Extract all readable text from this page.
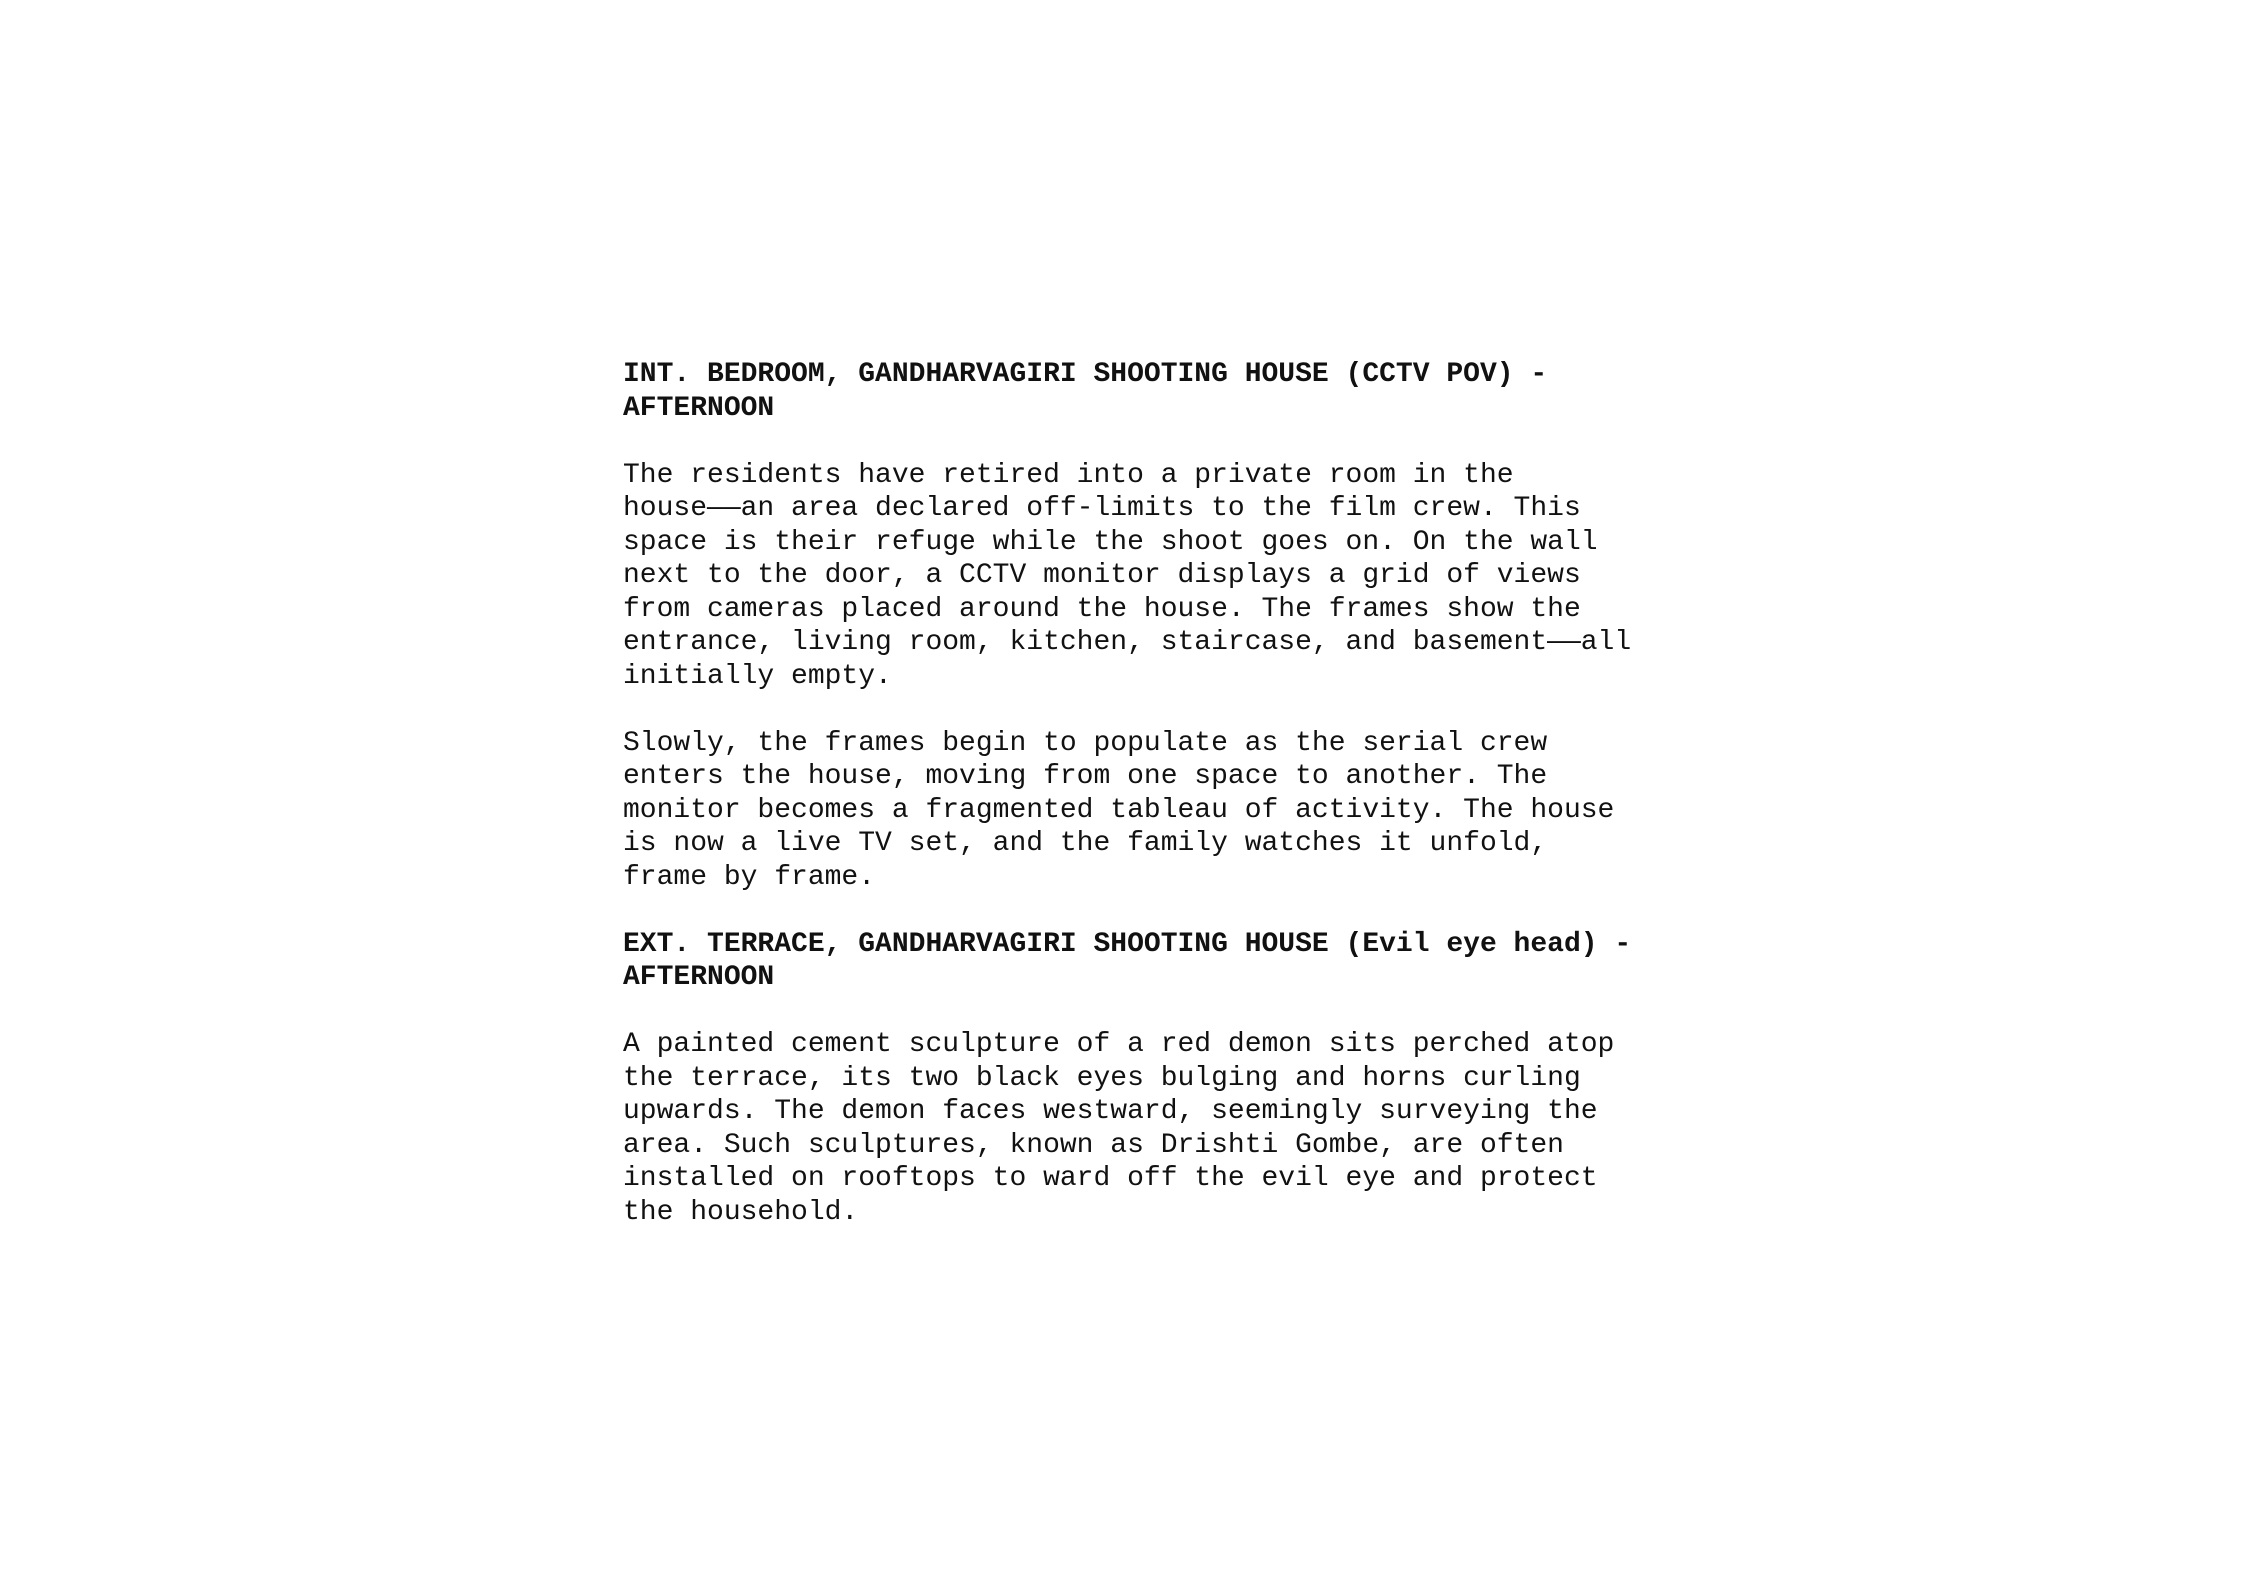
INT. BEDROOM, GANDHARVAGIRI SHOOTING HOUSE (CCTV POV) -
AFTERNOON
The residents have retired into a private room in the
house——an area declared off-limits to the film crew. This
space is their refuge while the shoot goes on. On the wall
next to the door, a CCTV monitor displays a grid of views
from cameras placed around the house. The frames show the
entrance, living room, kitchen, staircase, and basement——all
initially empty.
Slowly, the frames begin to populate as the serial crew
enters the house, moving from one space to another. The
monitor becomes a fragmented tableau of activity. The house
is now a live TV set, and the family watches it unfold,
frame by frame.
EXT. TERRACE, GANDHARVAGIRI SHOOTING HOUSE (Evil eye head) -
AFTERNOON
A painted cement sculpture of a red demon sits perched atop
the terrace, its two black eyes bulging and horns curling
upwards. The demon faces westward, seemingly surveying the
area. Such sculptures, known as Drishti Gombe, are often
installed on rooftops to ward off the evil eye and protect
the household.
